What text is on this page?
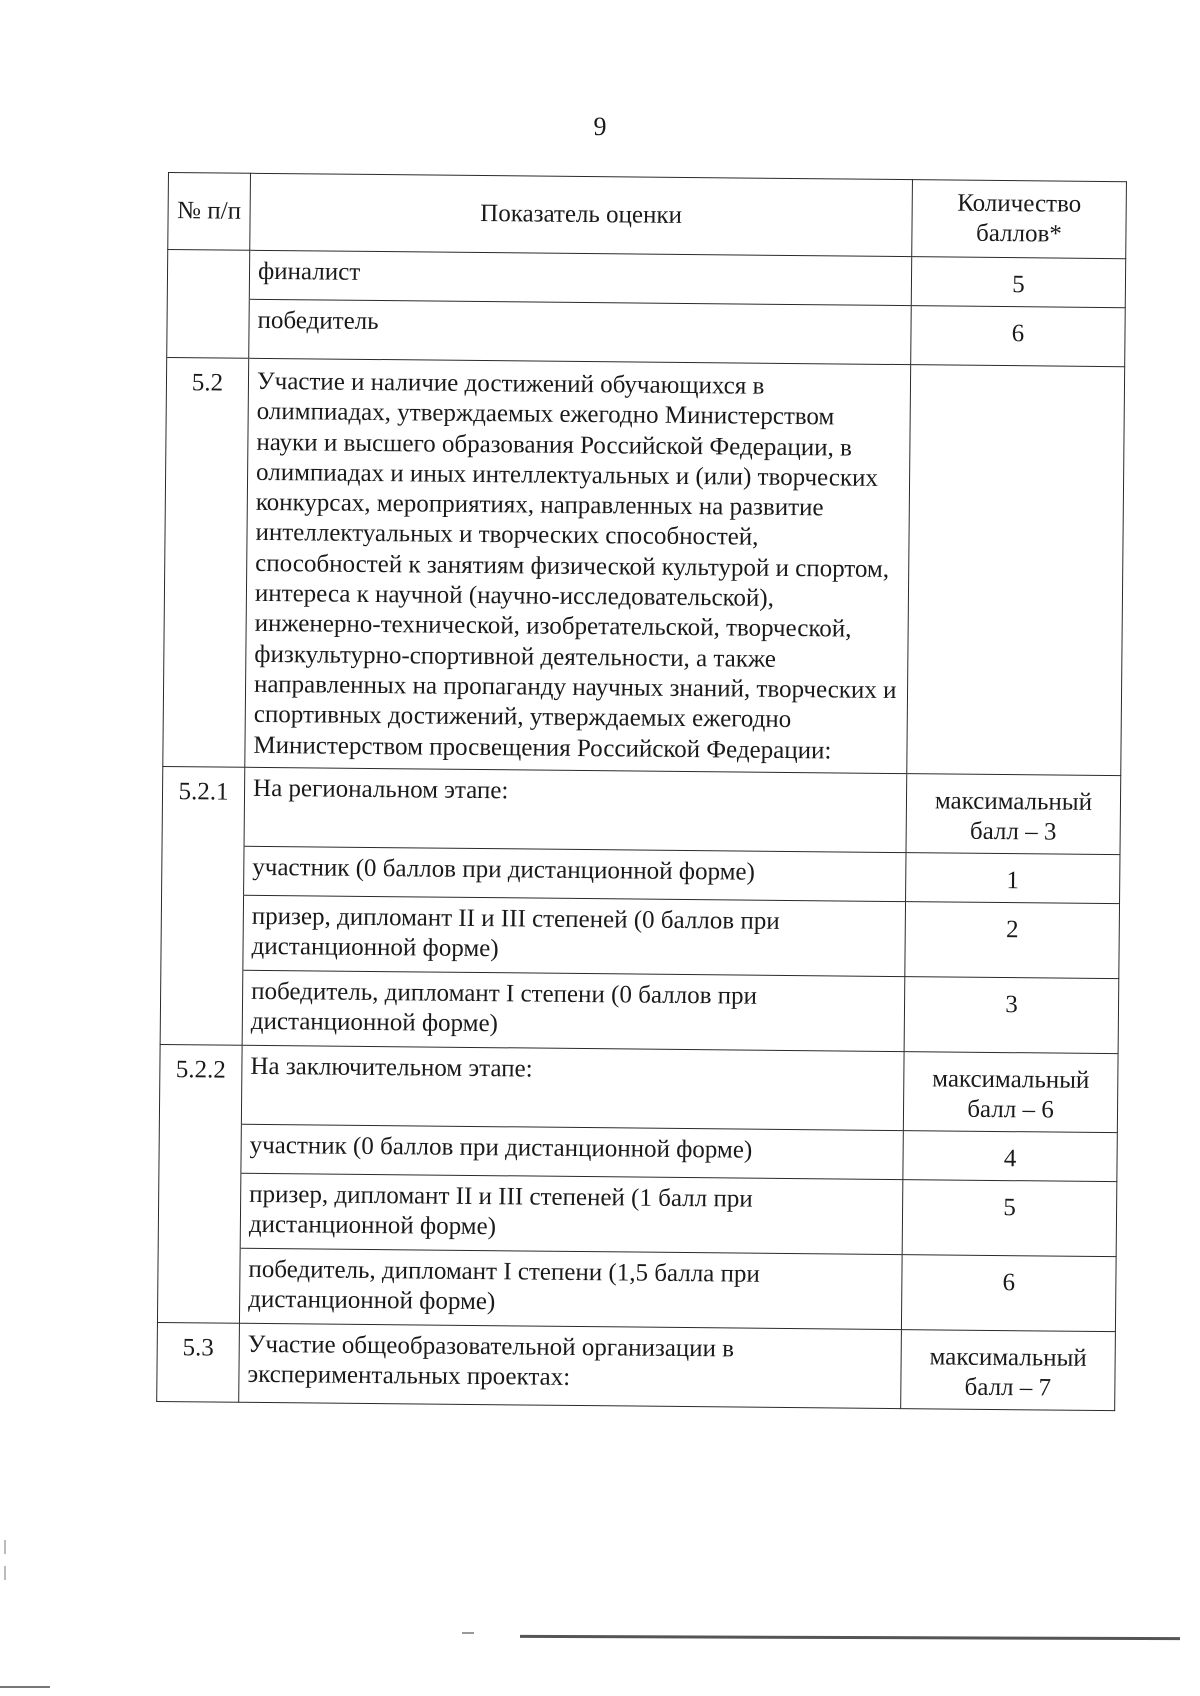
9
№ п/п	Показатель оценки	Количество баллов*
	финалист	5
	победитель	6
5.2	Участие и наличие достижений обучающихся в олимпиадах, утверждаемых ежегодно Министерством науки и высшего образования Российской Федерации, в олимпиадах и иных интеллектуальных и (или) творческих конкурсах, мероприятиях, направленных на развитие интеллектуальных и творческих способностей, способностей к занятиям физической культурой и спортом, интереса к научной (научно-исследовательской), инженерно-технической, изобретательской, творческой, физкультурно-спортивной деятельности, а также направленных на пропаганду научных знаний, творческих и спортивных достижений, утверждаемых ежегодно Министерством просвещения Российской Федерации:	
5.2.1	На региональном этапе:	максимальный балл – 3
	участник (0 баллов при дистанционной форме)	1
	призер, дипломант II и III степеней (0 баллов при дистанционной форме)	2
	победитель, дипломант I степени (0 баллов при дистанционной форме)	3
5.2.2	На заключительном этапе:	максимальный балл – 6
	участник (0 баллов при дистанционной форме)	4
	призер, дипломант II и III степеней (1 балл при дистанционной форме)	5
	победитель, дипломант I степени (1,5 балла при дистанционной форме)	6
5.3	Участие общеобразовательной организации в экспериментальных проектах:	максимальный балл – 7
